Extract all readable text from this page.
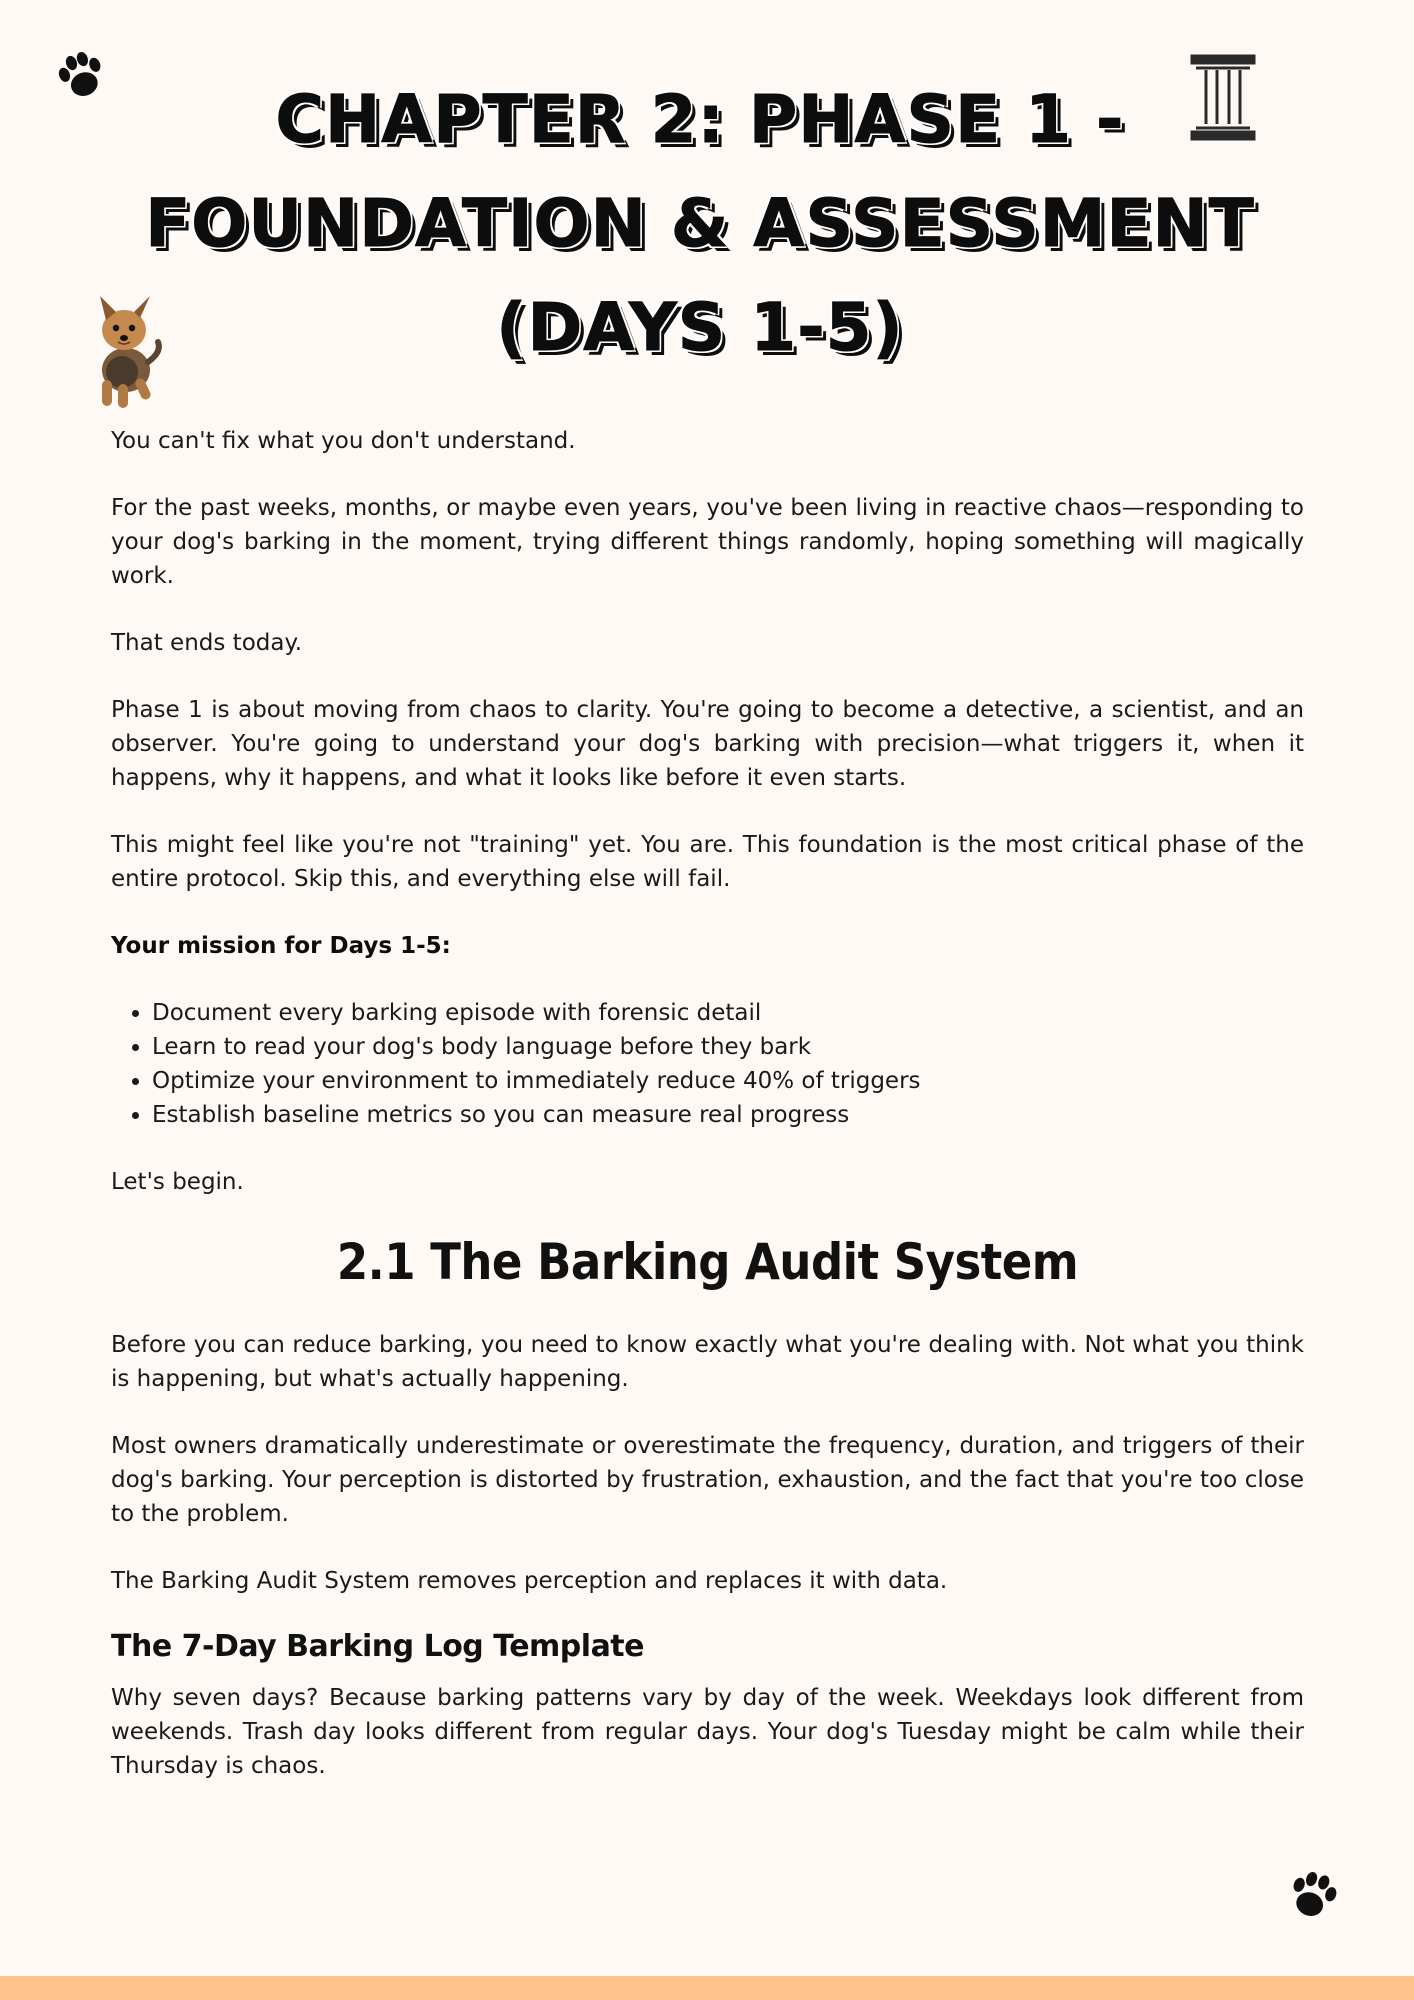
CHAPTER 2: PHASE 1 -
FOUNDATION & ASSESSMENT
(DAYS 1-5)

You can't fix what you don't understand.

For the past weeks, months, or maybe even years, you've been living in reactive chaos—responding to your dog's barking in the moment, trying different things randomly, hoping something will magically work.

That ends today.

Phase 1 is about moving from chaos to clarity. You're going to become a detective, a scientist, and an observer. You're going to understand your dog's barking with precision—what triggers it, when it happens, why it happens, and what it looks like before it even starts.

This might feel like you're not "training" yet. You are. This foundation is the most critical phase of the entire protocol. Skip this, and everything else will fail.

Your mission for Days 1-5:

• Document every barking episode with forensic detail
• Learn to read your dog's body language before they bark
• Optimize your environment to immediately reduce 40% of triggers
• Establish baseline metrics so you can measure real progress

Let's begin.

2.1 The Barking Audit System

Before you can reduce barking, you need to know exactly what you're dealing with. Not what you think is happening, but what's actually happening.

Most owners dramatically underestimate or overestimate the frequency, duration, and triggers of their dog's barking. Your perception is distorted by frustration, exhaustion, and the fact that you're too close to the problem.

The Barking Audit System removes perception and replaces it with data.

The 7-Day Barking Log Template

Why seven days? Because barking patterns vary by day of the week. Weekdays look different from weekends. Trash day looks different from regular days. Your dog's Tuesday might be calm while their Thursday is chaos.
